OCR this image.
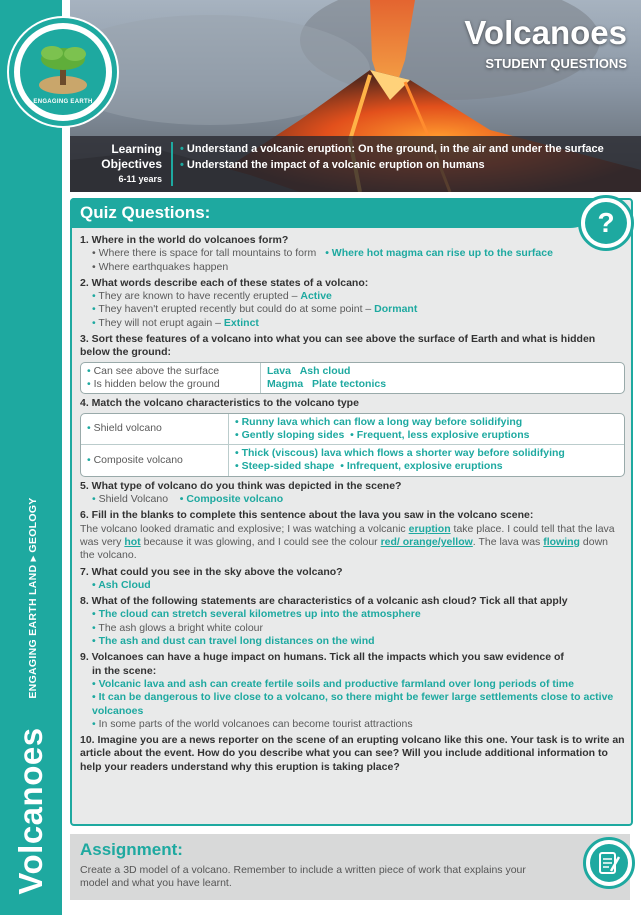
ENGAGING EARTH LAND ▸ GEOLOGY
Volcanoes
ENGAGING EARTH
Volcanoes
STUDENT QUESTIONS
Learning
Objectives
6-11 years
• Understand a volcanic eruption: On the ground, in the air and under the surface
• Understand the impact of a volcanic eruption on humans
?
Quiz Questions:
1. Where in the world do volcanoes form?
• Where there is space for tall mountains to form • Where hot magma can rise up to the surface
• Where earthquakes happen
2. What words describe each of these states of a volcano:
• They are known to have recently erupted – Active
• They haven't erupted recently but could do at some point – Dormant
• They will not erupt again – Extinct
3. Sort these features of a volcano into what you can see above the surface of Earth and what is hidden below the ground:
• Can see above the surface
• Is hidden below the ground
Lava Ash cloud
Magma Plate tectonics
4. Match the volcano characteristics to the volcano type
• Shield volcano
• Runny lava which can flow a long way before solidifying
• Gently sloping sides  • Frequent, less explosive eruptions
• Composite volcano
• Thick (viscous) lava which flows a shorter way before solidifying
• Steep-sided shape  • Infrequent, explosive eruptions
5. What type of volcano do you think was depicted in the scene?
• Shield Volcano • Composite volcano
6. Fill in the blanks to complete this sentence about the lava you saw in the volcano scene:
The volcano looked dramatic and explosive; I was watching a volcanic eruption take place. I could tell that the lava was very hot because it was glowing, and I could see the colour red/ orange/yellow. The lava was flowing down the volcano.
7. What could you see in the sky above the volcano?
• Ash Cloud
8. What of the following statements are characteristics of a volcanic ash cloud? Tick all that apply
• The cloud can stretch several kilometres up into the atmosphere
• The ash glows a bright white colour
• The ash and dust can travel long distances on the wind
9. Volcanoes can have a huge impact on humans. Tick all the impacts which you saw evidence of
in the scene:
• Volcanic lava and ash can create fertile soils and productive farmland over long periods of time
• It can be dangerous to live close to a volcano, so there might be fewer large settlements close to active volcanoes
• In some parts of the world volcanoes can become tourist attractions
10. Imagine you are a news reporter on the scene of an erupting volcano like this one. Your task is to write an article about the event. How do you describe what you can see? Will you include additional information to help your readers understand why this eruption is taking place?
Assignment:
Create a 3D model of a volcano. Remember to include a written piece of work that explains your model and what you have learnt.
